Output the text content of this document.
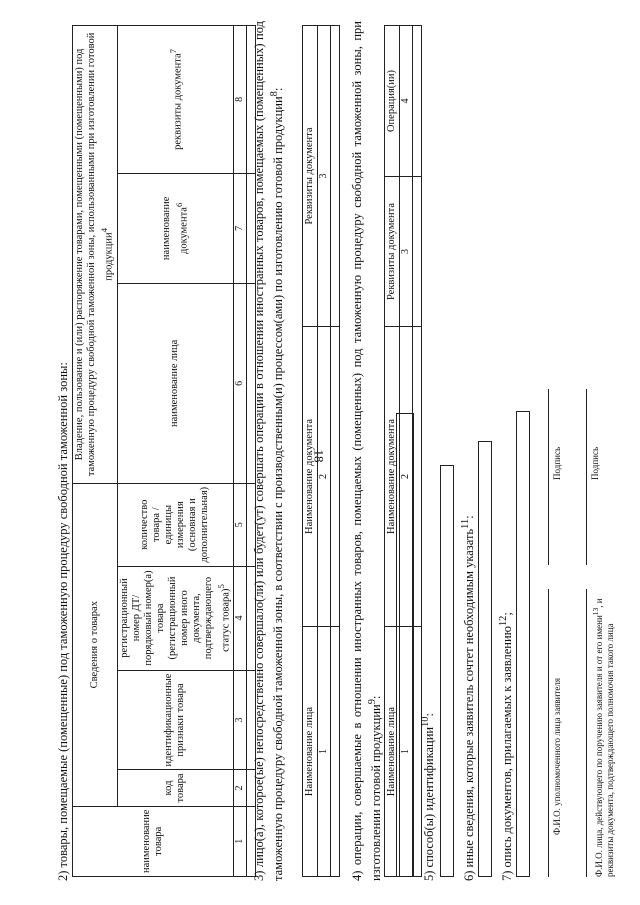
18
2) товары, помещаемые (помещенные) под таможенную процедуру свободной таможенной зоны:	наименование товара	Сведения о товарах				Владение, пользование и (или) распоряжение товарами, помещенными (помещенными) под таможенную процедуру свободной таможенной зоны, использованными при изготовлении готовой продукции$^4$
	код товара	идентификационные признаки товара	регистрационный номер ДТ/ порядковый номер(а) товара (регистрационный номер иного документа, подтверждающего статус товара)$^5$	количество товара / единицы измерения (основная и дополнительная)	наименование лица	наименование документа$^6$	реквизиты документа$^7$
1	2	3	4	5	6	7	8
							3) лицо(а), которое(ые) непосредственно совершало(ли) или будет(ут) совершать операции в отношении иностранных товаров, помещаемых (помещенных) под таможенную процедуру свободной таможенной зоны, в соответствии с производственным(и) процессом(ами) по изготовлению готовой продукции$^8$:
Наименование лица	Наименование документа	Реквизиты документа
1	2	3
		4) операции, совершаемые в отношении иностранных товаров, помещаемых (помещенных) под таможенную процедуру свободной таможенной зоны, при изготовлении готовой продукции$^9$:
Наименование лица	Наименование документа	Реквизиты документа	Операция(ии)
1	2	3	4

5) способ(ы) идентификации$^{10}$: 6) иные сведения, которые заявитель сочтет необходимым указать$^{11}$:
7) опись документов, прилагаемых к заявлению$^{12}$;
Ф.И.О. уполномоченного лица заявителя
Подпись
Ф.И.О. лица, действующего по поручению заявителя и от его имени$^{13}$, и реквизиты документа, подтверждающего полномочия такого лица
Подпись
